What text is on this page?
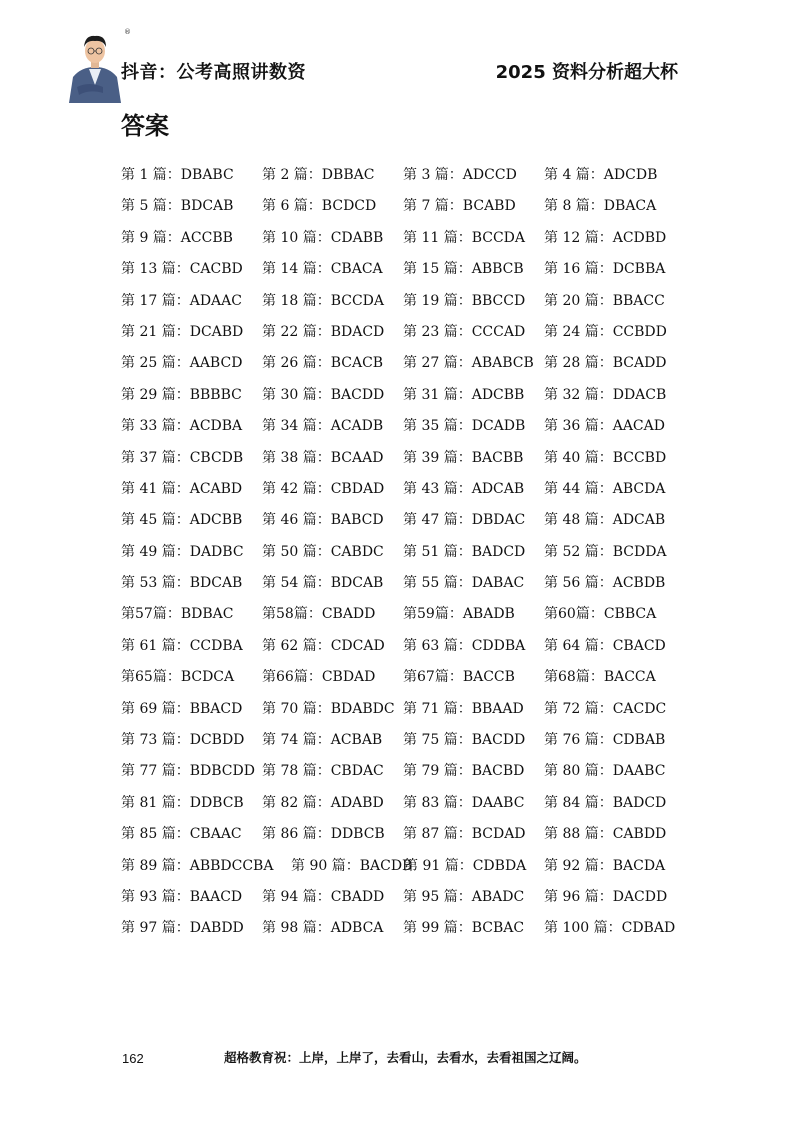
®
抖音：公考高照讲数资	2025 资料分析超大杯
答案
第 1 篇：DBABC 第 2 篇：DBBAC 第 3 篇：ADCCD 第 4 篇：ADCDB
第 5 篇：BDCAB 第 6 篇：BCDCD 第 7 篇：BCABD 第 8 篇：DBACA
第 9 篇：ACCBB 第 10 篇：CDABB 第 11 篇：BCCDA 第 12 篇：ACDBD
第 13 篇：CACBD 第 14 篇：CBACA 第 15 篇：ABBCB 第 16 篇：DCBBA
第 17 篇：ADAAC 第 18 篇：BCCDA 第 19 篇：BBCCD 第 20 篇：BBACC
第 21 篇：DCABD 第 22 篇：BDACD 第 23 篇：CCCAD 第 24 篇：CCBDD
第 25 篇：AABCD 第 26 篇：BCACB 第 27 篇：ABABCB 第 28 篇：BCADD
第 29 篇：BBBBC 第 30 篇：BACDD 第 31 篇：ADCBB 第 32 篇：DDACB
第 33 篇：ACDBA 第 34 篇：ACADB 第 35 篇：DCADB 第 36 篇：AACAD
第 37 篇：CBCDB 第 38 篇：BCAAD 第 39 篇：BACBB 第 40 篇：BCCBD
第 41 篇：ACABD 第 42 篇：CBDAD 第 43 篇：ADCAB 第 44 篇：ABCDA
第 45 篇：ADCBB 第 46 篇：BABCD 第 47 篇：DBDAC 第 48 篇：ADCAB
第 49 篇：DADBC 第 50 篇：CABDC 第 51 篇：BADCD 第 52 篇：BCDDA
第 53 篇：BDCAB 第 54 篇：BDCAB 第 55 篇：DABAC 第 56 篇：ACBDB
第57篇：BDBAC 第58篇：CBADD 第59篇：ABADB 第60篇：CBBCA
第 61 篇：CCDBA 第 62 篇：CDCAD 第 63 篇：CDDBA 第 64 篇：CBACD
第65篇：BCDCA 第66篇：CBDAD 第67篇：BACCB 第68篇：BACCA
第 69 篇：BBACD 第 70 篇：BDABDC 第 71 篇：BBAAD 第 72 篇：CACDC
第 73 篇：DCBDD 第 74 篇：ACBAB 第 75 篇：BACDD 第 76 篇：CDBAB
第 77 篇：BDBCDD 第 78 篇：CBDAC 第 79 篇：BACBD 第 80 篇：DAABC
第 81 篇：DDBCB 第 82 篇：ADABD 第 83 篇：DAABC 第 84 篇：BADCD
第 85 篇：CBAAC 第 86 篇：DDBCB 第 87 篇：BCDAD 第 88 篇：CABDD
第 89 篇：ABBDCCBA 第 90 篇：BACDB
第 91 篇：CDBDA 第 92 篇：BACDA
第 93 篇：BAACD 第 94 篇：CBADD 第 95 篇：ABADC 第 96 篇：DACDD
第 97 篇：DABDD 第 98 篇：ADBCA 第 99 篇：BCBAC 第 100 篇：CDBAD
162	超格教育祝：上岸，上岸了，去看山，去看水，去看祖国之辽阔。
